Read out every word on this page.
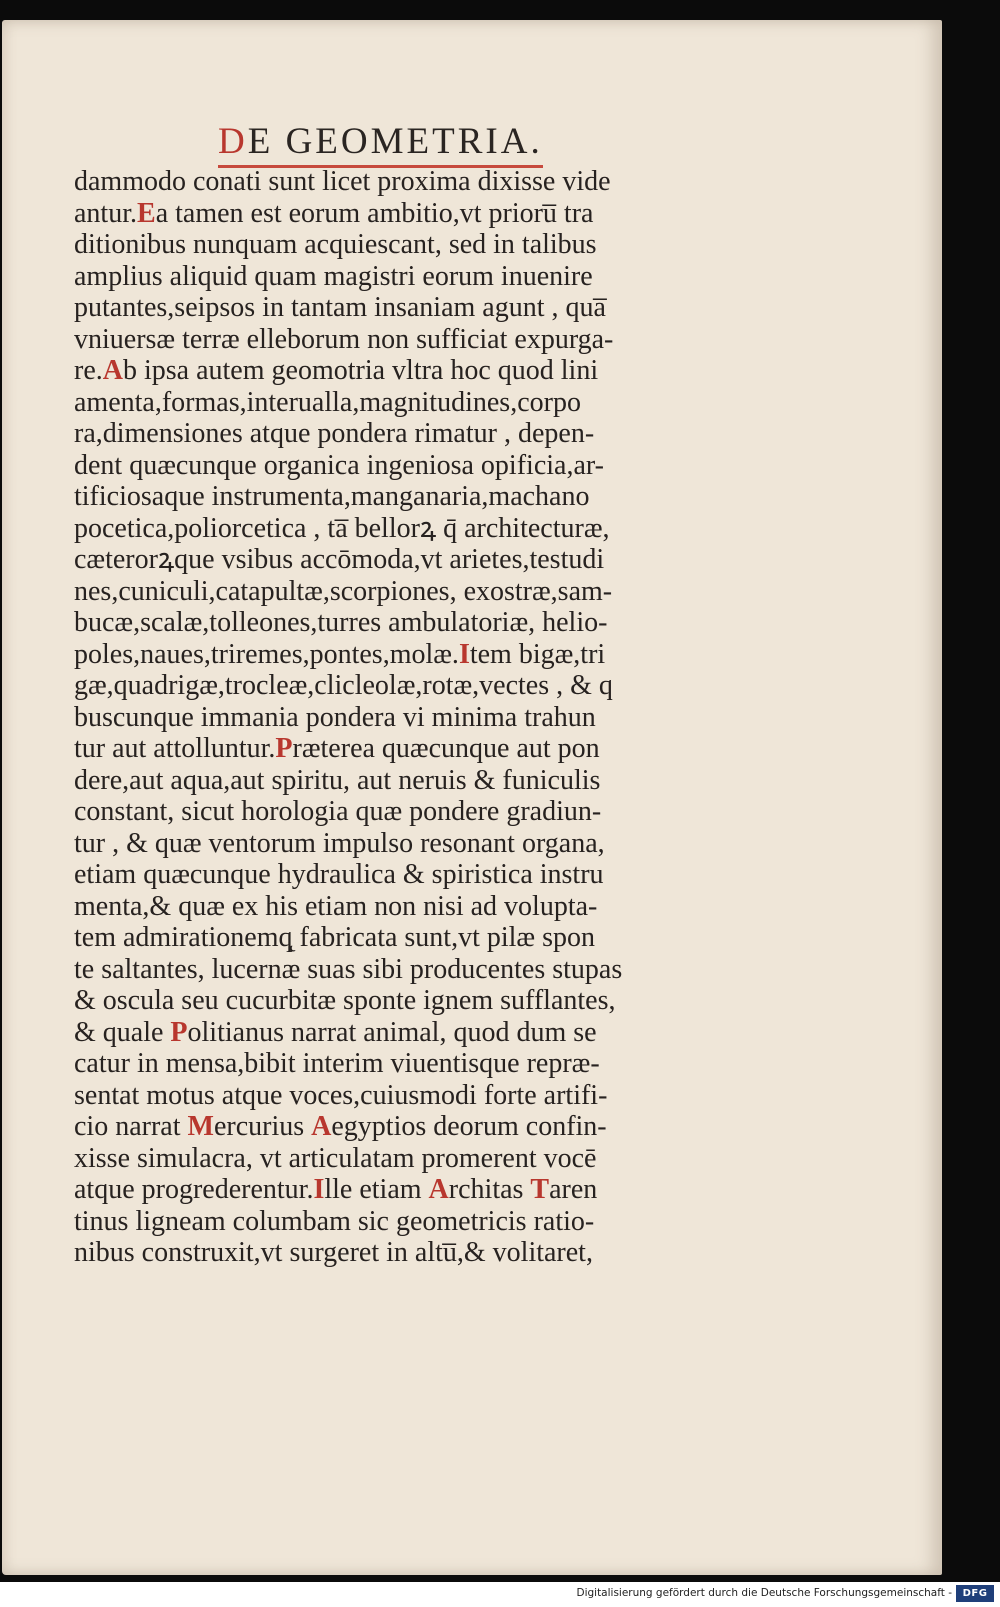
DE GEOMETRIA.
dammodo conati sunt licet proxima dixisse vide
antur.Ea tamen est eorum ambitio,vt prioru̅ tra
ditionibus nunquam acquiescant, sed in talibus
amplius aliquid quam magistri eorum inuenire
putantes,seipsos in tantam insaniam agunt , qua̅
vniuersæ terræ elleborum non sufficiat expurga-
re.Ab ipsa autem geomotria vltra hoc quod lini
amenta,formas,interualla,magnitudines,corpo
ra,dimensiones atque pondera rimatur , depen-
dent quæcunque organica ingeniosa opificia,ar-
tificiosaque instrumenta,manganaria,machano
pocetica,poliorcetica , ta̅ bellorꝝ q̄ architecturæ,
cæterorꝝque vsibus accōmoda,vt arietes,testudi
nes,cuniculi,catapultæ,scorpiones, exostræ,sam-
bucæ,scalæ,tolleones,turres ambulatoriæ, helio-
poles,naues,triremes,pontes,molæ.Item bigæ,tri
gæ,quadrigæ,trocleæ,clicleolæ,rotæ,vectes , & q
buscunque immania pondera vi minima trahun
tur aut attolluntur.Præterea quæcunque aut pon
dere,aut aqua,aut spiritu, aut neruis & funiculis
constant, sicut horologia quæ pondere gradiun-
tur , & quæ ventorum impulso resonant organa,
etiam quæcunque hydraulica & spiristica instru
menta,& quæ ex his etiam non nisi ad volupta-
tem admirationemq̨ fabricata sunt,vt pilæ spon
te saltantes, lucernæ suas sibi producentes stupas
& oscula seu cucurbitæ sponte ignem sufflantes,
& quale Politianus narrat animal, quod dum se
catur in mensa,bibit interim viuentisque repræ-
sentat motus atque voces,cuiusmodi forte artifi-
cio narrat Mercurius Aegyptios deorum confin-
xisse simulacra, vt articulatam promerent vocē
atque progrederentur.Ille etiam Architas Taren
tinus ligneam columbam sic geometricis ratio-
nibus construxit,vt surgeret in altu̅,& volitaret,
Digitalisierung gefördert durch die Deutsche Forschungsgemeinschaft -	DFG
